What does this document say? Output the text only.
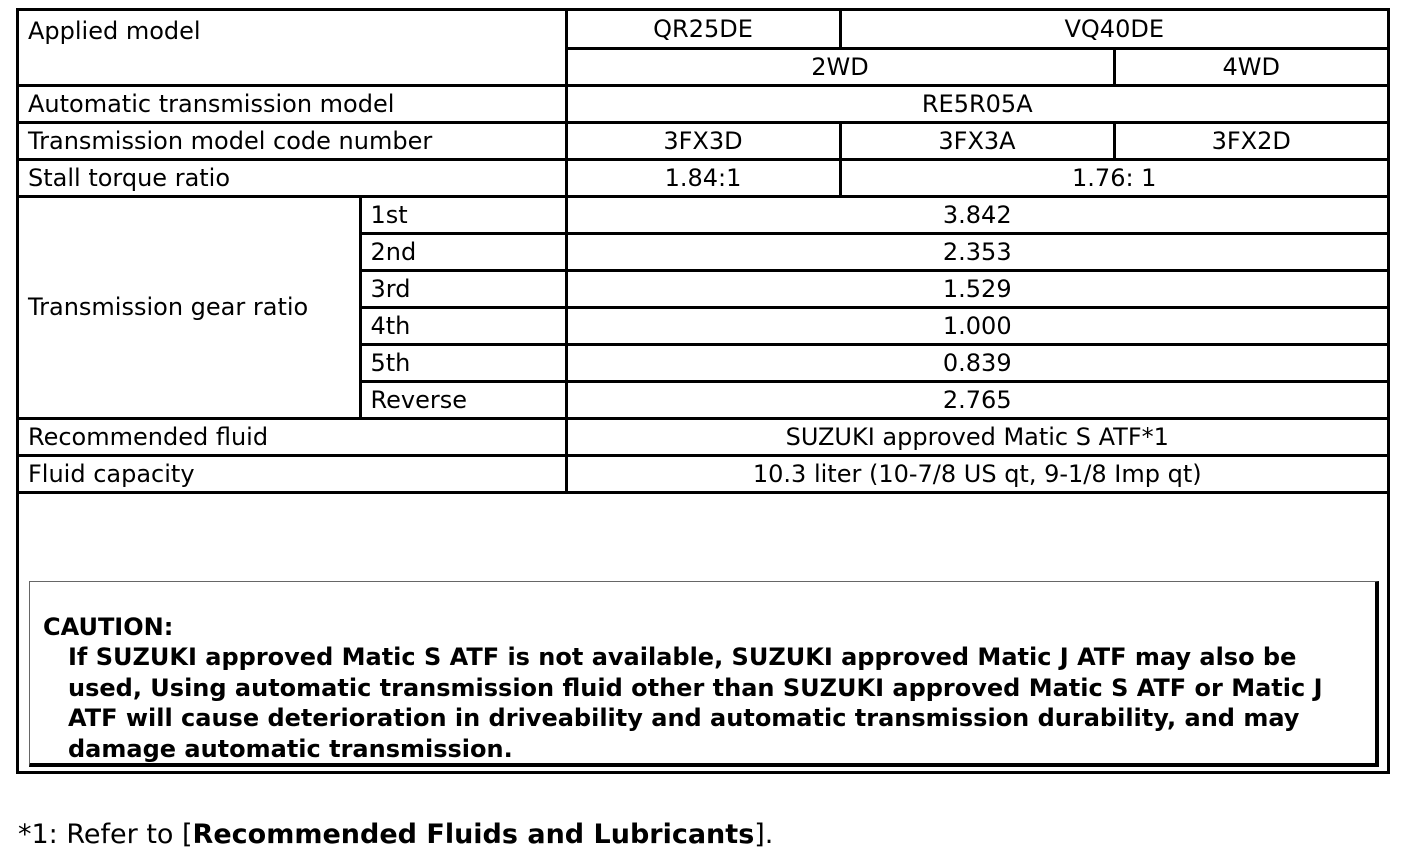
Applied model		QR25DE	VQ40DE	
		2WD		4WD
Automatic transmission model		RE5R05A		
Transmission model code number		3FX3D	3FX3A	3FX2D
Stall torque ratio		1.84:1	1.76: 1	
Transmission gear ratio	1st	3.842		
	2nd	2.353		
	3rd	1.529		
	4th	1.000		
	5th	0.839		
	Reverse	2.765		
Recommended fluid		SUZUKI approved Matic S ATF*1		
Fluid capacity		10.3 liter (10-7/8 US qt, 9-1/8 Imp qt)		
CAUTION:
If SUZUKI approved Matic S ATF is not available, SUZUKI approved Matic J ATF may also be used, Using automatic transmission fluid other than SUZUKI approved Matic S ATF or Matic J ATF will cause deterioration in driveability and automatic transmission durability, and may damage automatic transmission.
*1: Refer to [Recommended Fluids and Lubricants].
